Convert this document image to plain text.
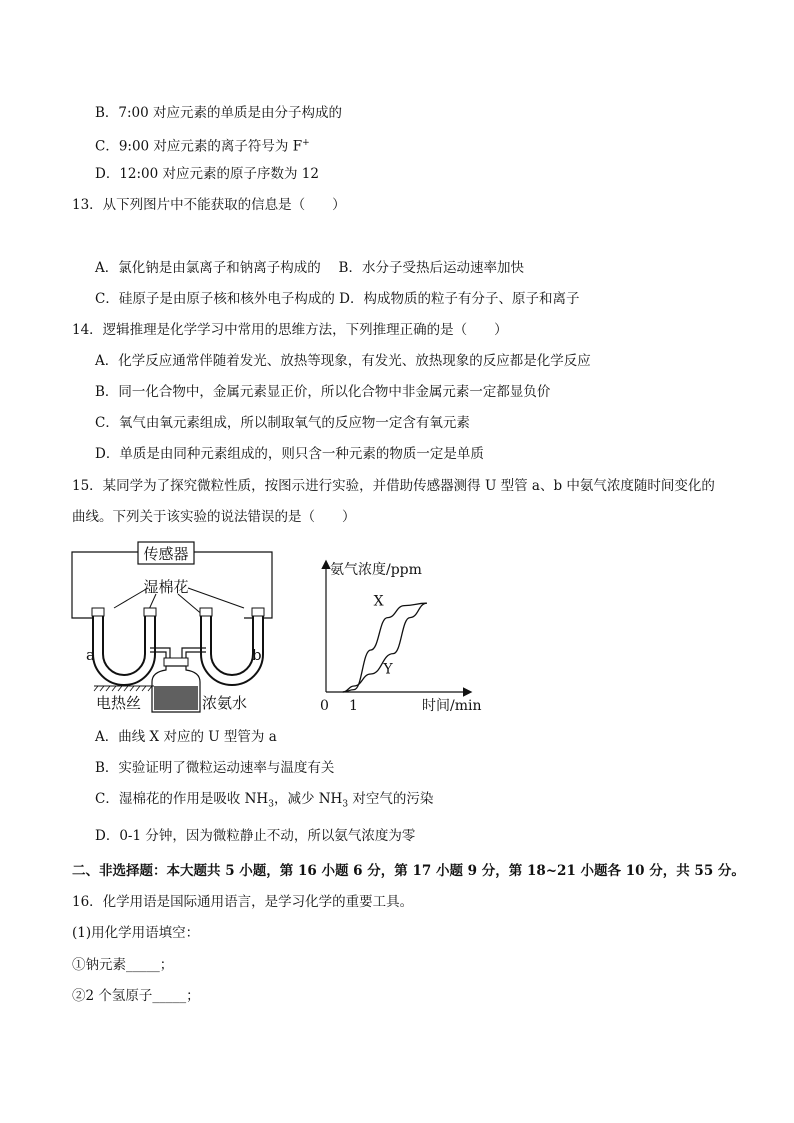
B．7:00 对应元素的单质是由分子构成的
C．9:00 对应元素的离子符号为 F+
D．12:00 对应元素的原子序数为 12
13．从下列图片中不能获取的信息是（　　）
A．氯化钠是由氯离子和钠离子构成的　 B．水分子受热后运动速率加快
C．硅原子是由原子核和核外电子构成的 D．构成物质的粒子有分子、原子和离子
14．逻辑推理是化学学习中常用的思维方法，下列推理正确的是（　　）
A．化学反应通常伴随着发光、放热等现象，有发光、放热现象的反应都是化学反应
B．同一化合物中，金属元素显正价，所以化合物中非金属元素一定都显负价
C．氧气由氧元素组成，所以制取氧气的反应物一定含有氧元素
D．单质是由同种元素组成的，则只含一种元素的物质一定是单质
15．某同学为了探究微粒性质，按图示进行实验，并借助传感器测得 U 型管 a、b 中氨气浓度随时间变化的
曲线。下列关于该实验的说法错误的是（　　）
传感器
湿棉花
a	b
电热丝	浓氨水
氨气浓度/ppm
时间/min
0 1
X
Y
A．曲线 X 对应的 U 型管为 a
B．实验证明了微粒运动速率与温度有关
C．湿棉花的作用是吸收 $NH_3$，减少 $NH_3$ 对空气的污染
D．0-1 分钟，因为微粒静止不动，所以氨气浓度为零
二、非选择题：本大题共 5 小题，第 16 小题 6 分，第 17 小题 9 分，第 18~21 小题各 10 分，共 55 分。
16．化学用语是国际通用语言，是学习化学的重要工具。
(1)用化学用语填空：
①钠元素_____；
②2 个氢原子_____；
